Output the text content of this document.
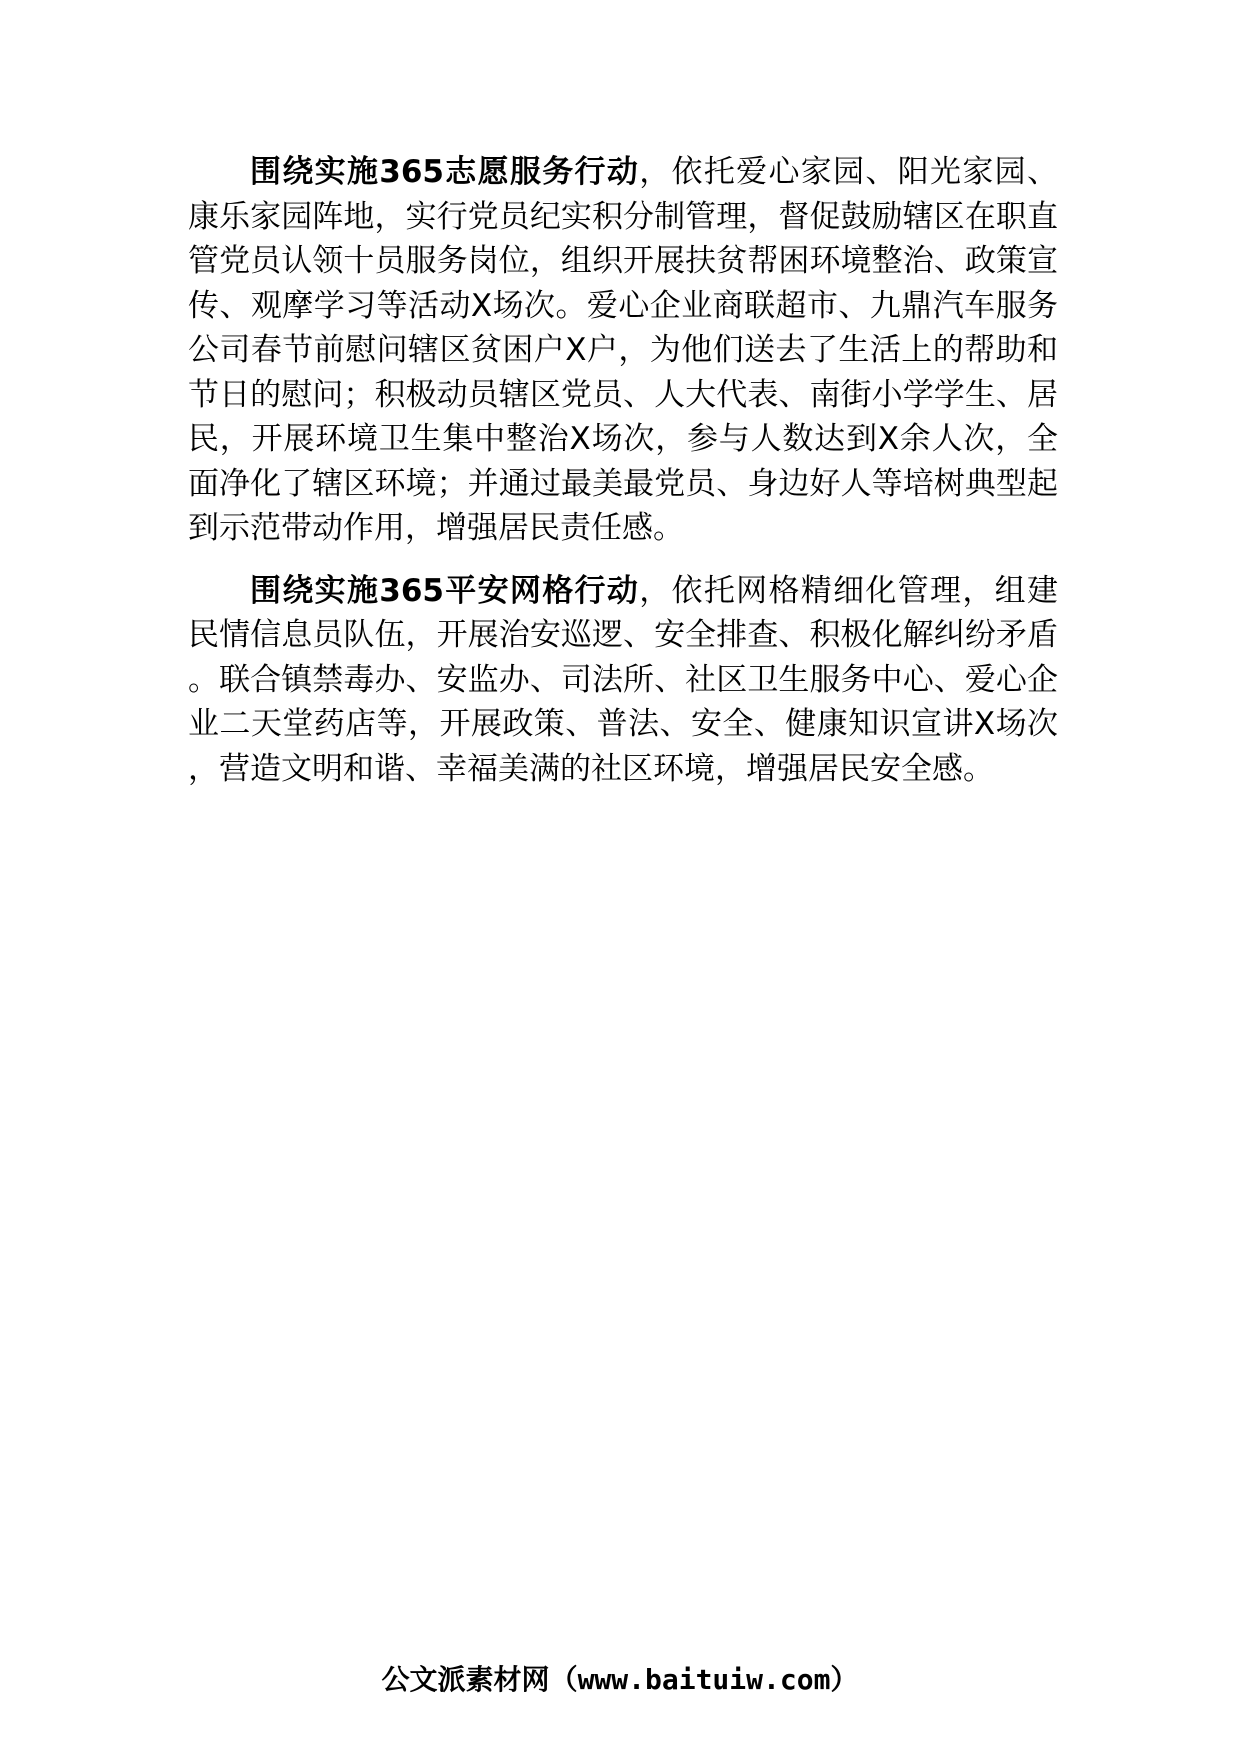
围绕实施365志愿服务行动，依托爱心家园、阳光家园、康乐家园阵地，实行党员纪实积分制管理，督促鼓励辖区在职直管党员认领十员服务岗位，组织开展扶贫帮困环境整治、政策宣传、观摩学习等活动X场次。爱心企业商联超市、九鼎汽车服务公司春节前慰问辖区贫困户X户，为他们送去了生活上的帮助和节日的慰问；积极动员辖区党员、人大代表、南街小学学生、居民，开展环境卫生集中整治X场次，参与人数达到X余人次，全面净化了辖区环境；并通过最美最党员、身边好人等培树典型起到示范带动作用，增强居民责任感。

围绕实施365平安网格行动，依托网格精细化管理，组建民情信息员队伍，开展治安巡逻、安全排查、积极化解纠纷矛盾。联合镇禁毒办、安监办、司法所、社区卫生服务中心、爱心企业二天堂药店等，开展政策、普法、安全、健康知识宣讲X场次，营造文明和谐、幸福美满的社区环境，增强居民安全感。

公文派素材网（www.baituiw.com）
